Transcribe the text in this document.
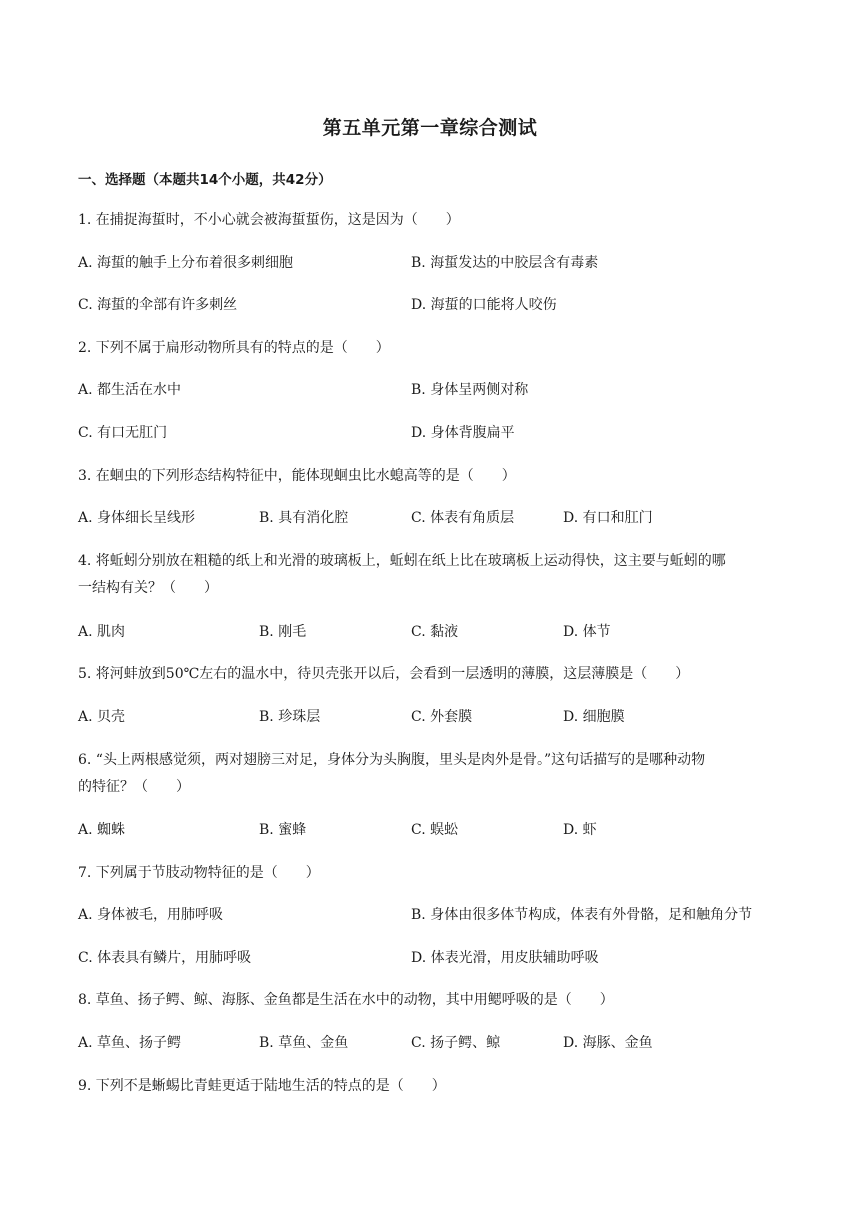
第五单元第一章综合测试
一、选择题（本题共14个小题，共42分）
1. 在捕捉海蜇时，不小心就会被海蜇蜇伤，这是因为（　　）
A. 海蜇的触手上分布着很多刺细胞	B. 海蜇发达的中胶层含有毒素
C. 海蜇的伞部有许多刺丝	D. 海蜇的口能将人咬伤
2. 下列不属于扁形动物所具有的特点的是（　　）
A. 都生活在水中	B. 身体呈两侧对称
C. 有口无肛门	D. 身体背腹扁平
3. 在蛔虫的下列形态结构特征中，能体现蛔虫比水螅高等的是（　　）
A. 身体细长呈线形	B. 具有消化腔	C. 体表有角质层	D. 有口和肛门
4. 将蚯蚓分别放在粗糙的纸上和光滑的玻璃板上，蚯蚓在纸上比在玻璃板上运动得快，这主要与蚯蚓的哪
一结构有关？（　　）
A. 肌肉	B. 刚毛	C. 黏液	D. 体节
5. 将河蚌放到50℃左右的温水中，待贝壳张开以后，会看到一层透明的薄膜，这层薄膜是（　　）
A. 贝壳	B. 珍珠层	C. 外套膜	D. 细胞膜
6. “头上两根感觉须，两对翅膀三对足，身体分为头胸腹，里头是肉外是骨。”这句话描写的是哪种动物
的特征？（　　）
A. 蜘蛛	B. 蜜蜂	C. 蜈蚣	D. 虾
7. 下列属于节肢动物特征的是（　　）
A. 身体被毛，用肺呼吸	B. 身体由很多体节构成，体表有外骨骼，足和触角分节
C. 体表具有鳞片，用肺呼吸	D. 体表光滑，用皮肤辅助呼吸
8. 草鱼、扬子鳄、鲸、海豚、金鱼都是生活在水中的动物，其中用鳃呼吸的是（　　）
A. 草鱼、扬子鳄	B. 草鱼、金鱼	C. 扬子鳄、鲸	D. 海豚、金鱼
9. 下列不是蜥蜴比青蛙更适于陆地生活的特点的是（　　）
